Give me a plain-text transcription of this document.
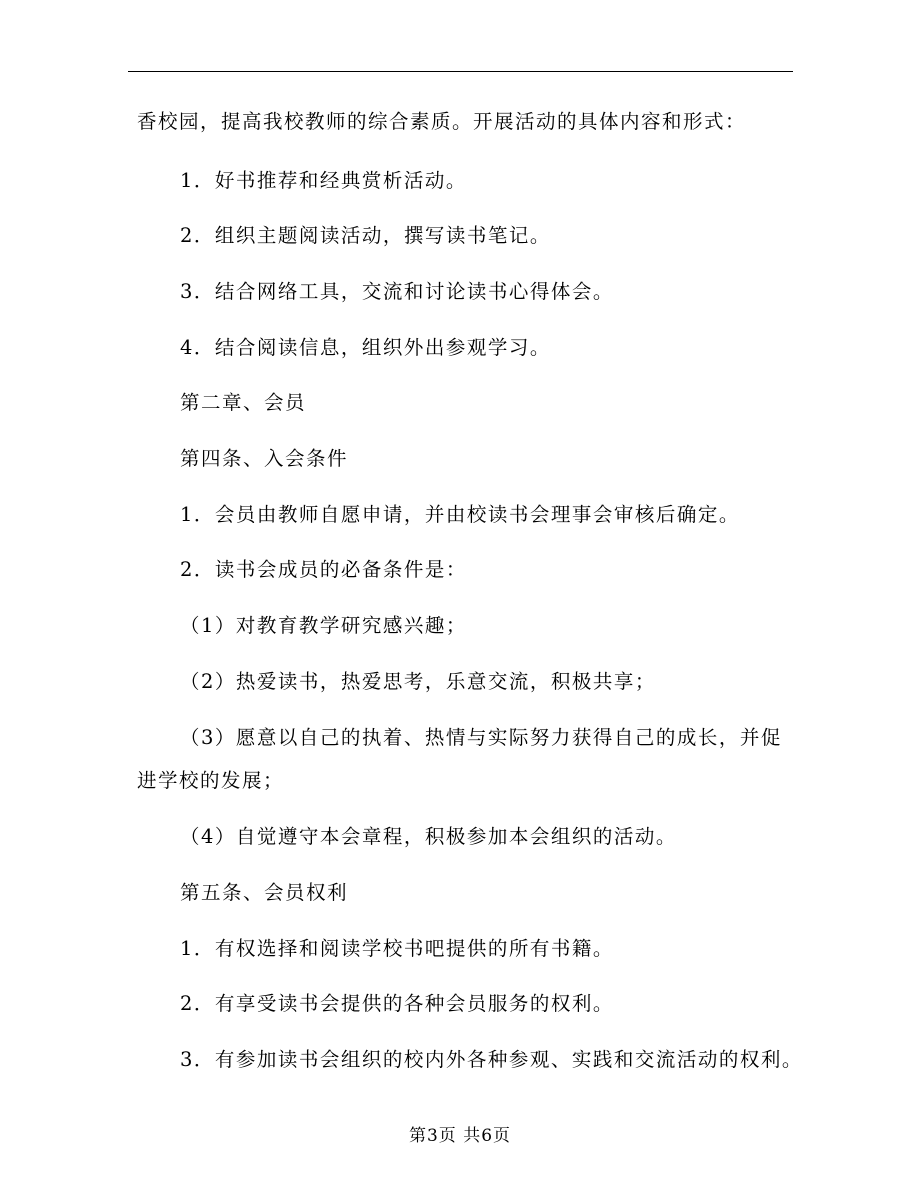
香校园，提高我校教师的综合素质。开展活动的具体内容和形式：
1．好书推荐和经典赏析活动。
2．组织主题阅读活动，撰写读书笔记。
3．结合网络工具，交流和讨论读书心得体会。
4．结合阅读信息，组织外出参观学习。
第二章、会员
第四条、入会条件
1．会员由教师自愿申请，并由校读书会理事会审核后确定。
2．读书会成员的必备条件是：
（1）对教育教学研究感兴趣；
（2）热爱读书，热爱思考，乐意交流，积极共享；
（3）愿意以自己的执着、热情与实际努力获得自己的成长，并促
进学校的发展；
（4）自觉遵守本会章程，积极参加本会组织的活动。
第五条、会员权利
1．有权选择和阅读学校书吧提供的所有书籍。
2．有享受读书会提供的各种会员服务的权利。
3．有参加读书会组织的校内外各种参观、实践和交流活动的权利。
第3页 共6页
